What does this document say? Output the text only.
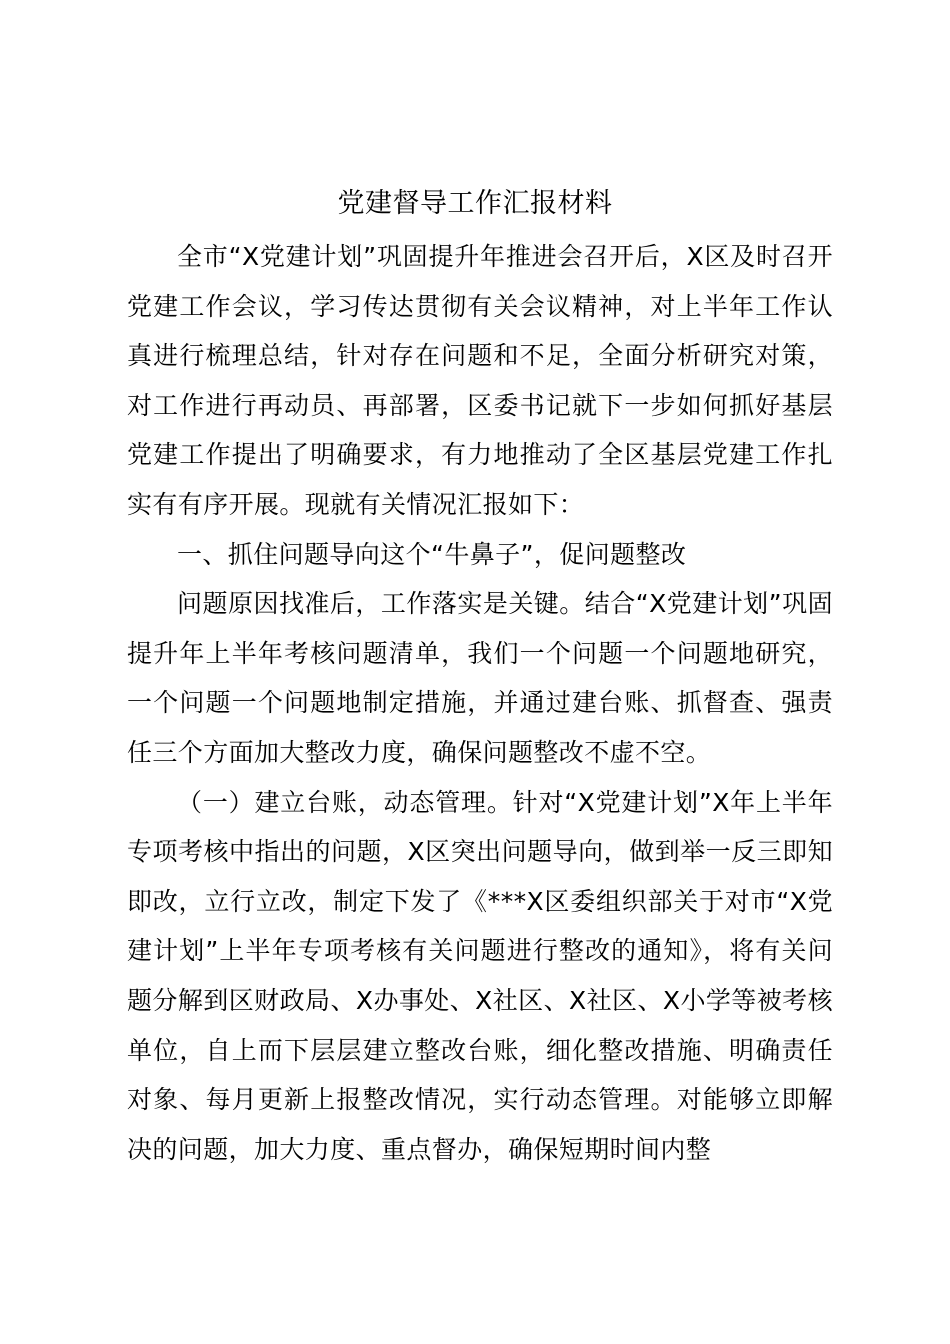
党建督导工作汇报材料

全市“X党建计划”巩固提升年推进会召开后，X区及时召开党建工作会议，学习传达贯彻有关会议精神，对上半年工作认真进行梳理总结，针对存在问题和不足，全面分析研究对策，对工作进行再动员、再部署，区委书记就下一步如何抓好基层党建工作提出了明确要求，有力地推动了全区基层党建工作扎实有有序开展。现就有关情况汇报如下：

一、抓住问题导向这个“牛鼻子”，促问题整改

问题原因找准后，工作落实是关键。结合“X党建计划”巩固提升年上半年考核问题清单，我们一个问题一个问题地研究，一个问题一个问题地制定措施，并通过建台账、抓督查、强责任三个方面加大整改力度，确保问题整改不虚不空。

（一）建立台账，动态管理。针对“X党建计划”X年上半年专项考核中指出的问题，X区突出问题导向，做到举一反三即知即改，立行立改，制定下发了《***X区委组织部关于对市“X党建计划”上半年专项考核有关问题进行整改的通知》，将有关问题分解到区财政局、X办事处、X社区、X社区、X小学等被考核单位，自上而下层层建立整改台账，细化整改措施、明确责任对象、每月更新上报整改情况，实行动态管理。对能够立即解决的问题，加大力度、重点督办，确保短期时间内整
